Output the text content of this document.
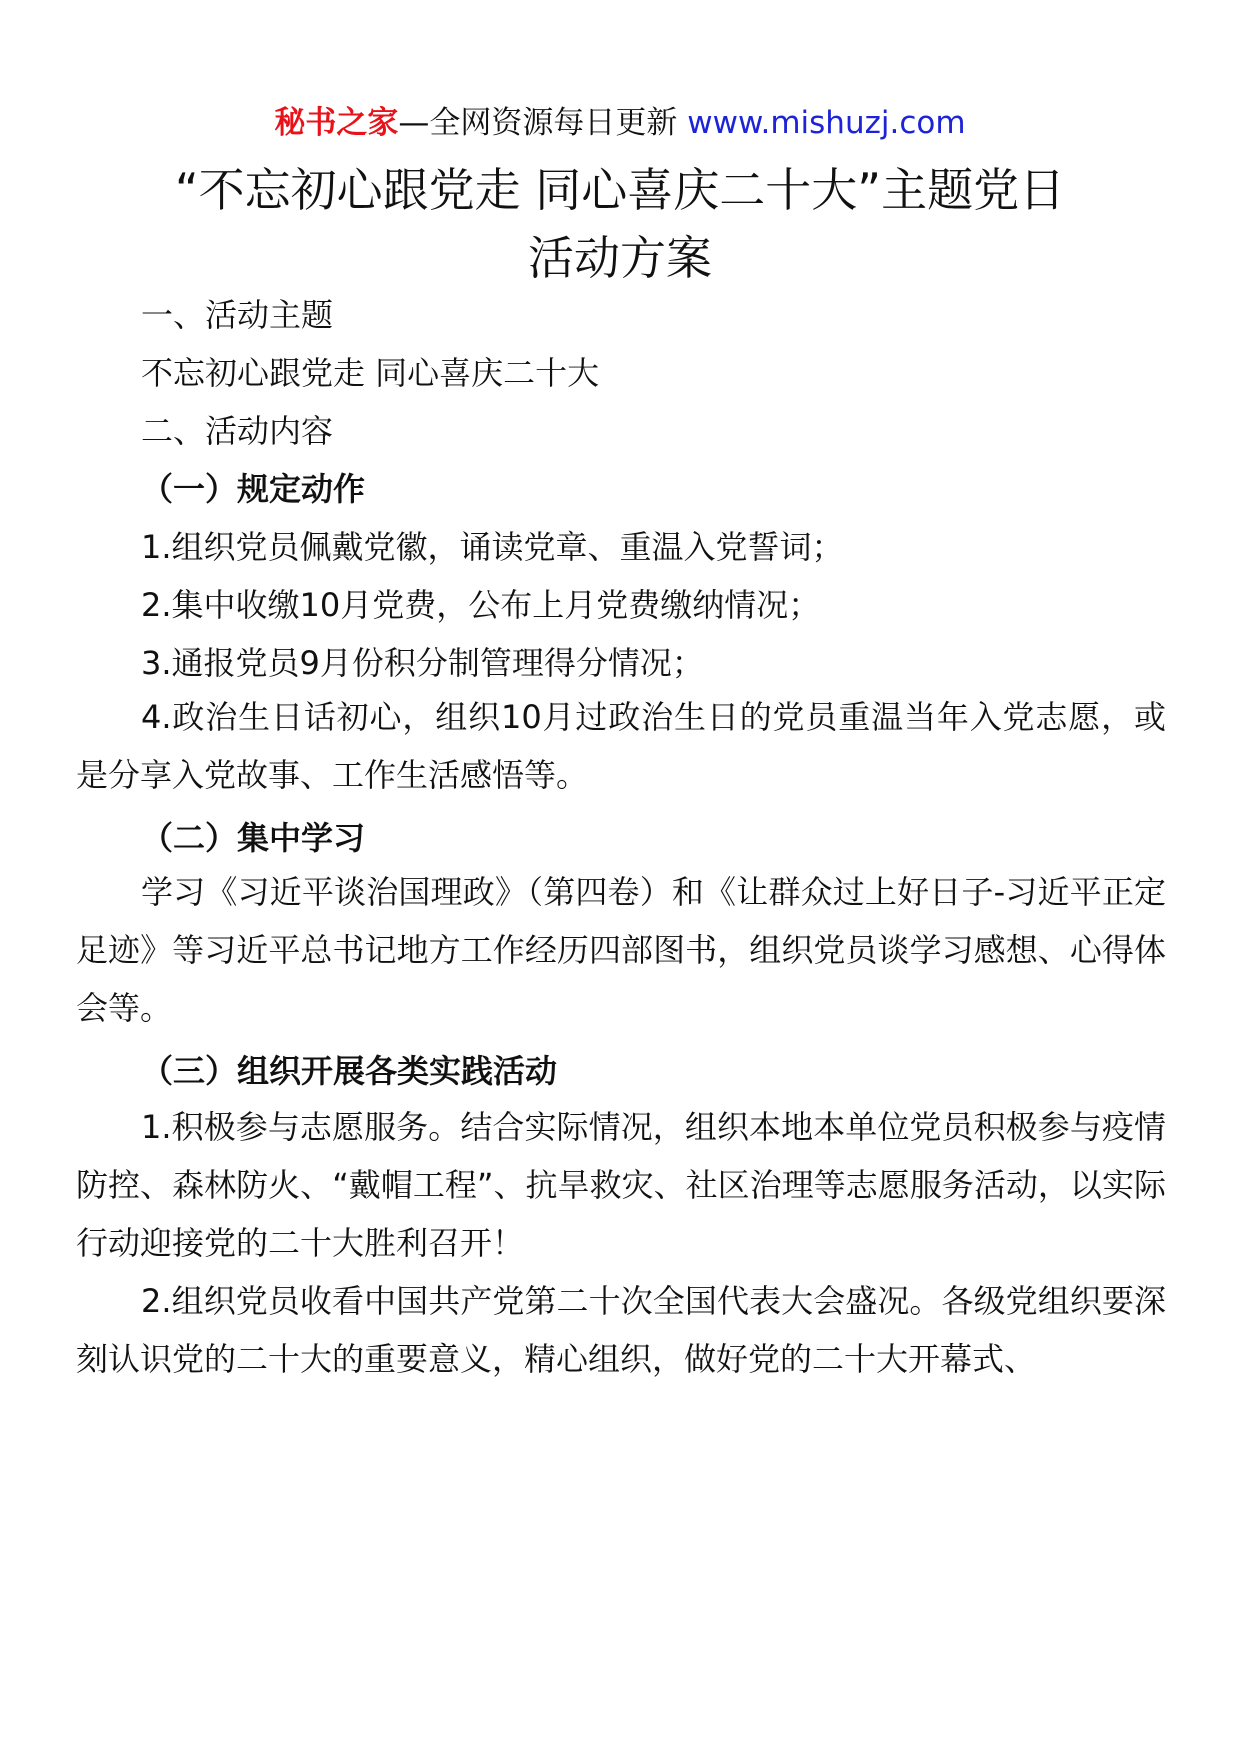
秘书之家—全网资源每日更新 www.mishuzj.com
“不忘初心跟党走 同心喜庆二十大”主题党日
活动方案
一、活动主题
不忘初心跟党走 同心喜庆二十大
二、活动内容
（一）规定动作
1.组织党员佩戴党徽，诵读党章、重温入党誓词；
2.集中收缴10月党费，公布上月党费缴纳情况；
3.通报党员9月份积分制管理得分情况；
4.政治生日话初心，组织10月过政治生日的党员重温当年入党志愿，或是分享入党故事、工作生活感悟等。
（二）集中学习
学习《习近平谈治国理政》（第四卷）和《让群众过上好日子-习近平正定足迹》等习近平总书记地方工作经历四部图书，组织党员谈学习感想、心得体会等。
（三）组织开展各类实践活动
1.积极参与志愿服务。结合实际情况，组织本地本单位党员积极参与疫情防控、森林防火、“戴帽工程”、抗旱救灾、社区治理等志愿服务活动，以实际行动迎接党的二十大胜利召开！
2.组织党员收看中国共产党第二十次全国代表大会盛况。各级党组织要深刻认识党的二十大的重要意义，精心组织，做好党的二十大开幕式、
